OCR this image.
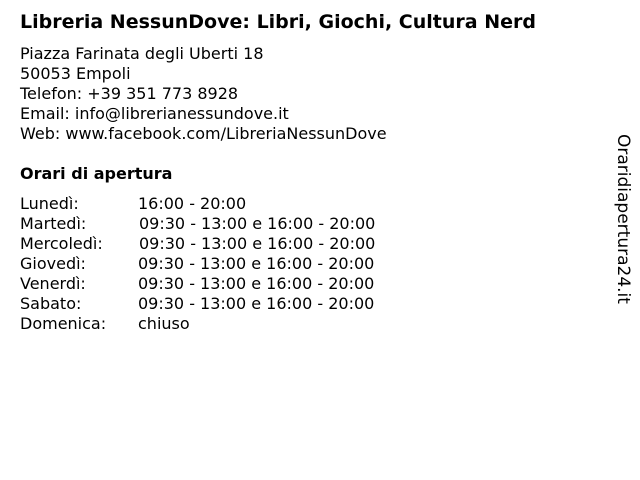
Libreria NessunDove: Libri, Giochi, Cultura Nerd
Piazza Farinata degli Uberti 18
50053 Empoli
Telefon: +39 351 773 8928
Email: info@librerianessundove.it
Web: www.facebook.com/LibreriaNessunDove
Orari di apertura
Lunedì:	16:00 - 20:00
Martedì:	09:30 - 13:00 e 16:00 - 20:00
Mercoledì: 09:30 - 13:00 e 16:00 - 20:00
Giovedì:	09:30 - 13:00 e 16:00 - 20:00
Venerdì:	09:30 - 13:00 e 16:00 - 20:00
Sabato:	09:30 - 13:00 e 16:00 - 20:00
Domenica: chiuso
Oraridiapertura24.it
